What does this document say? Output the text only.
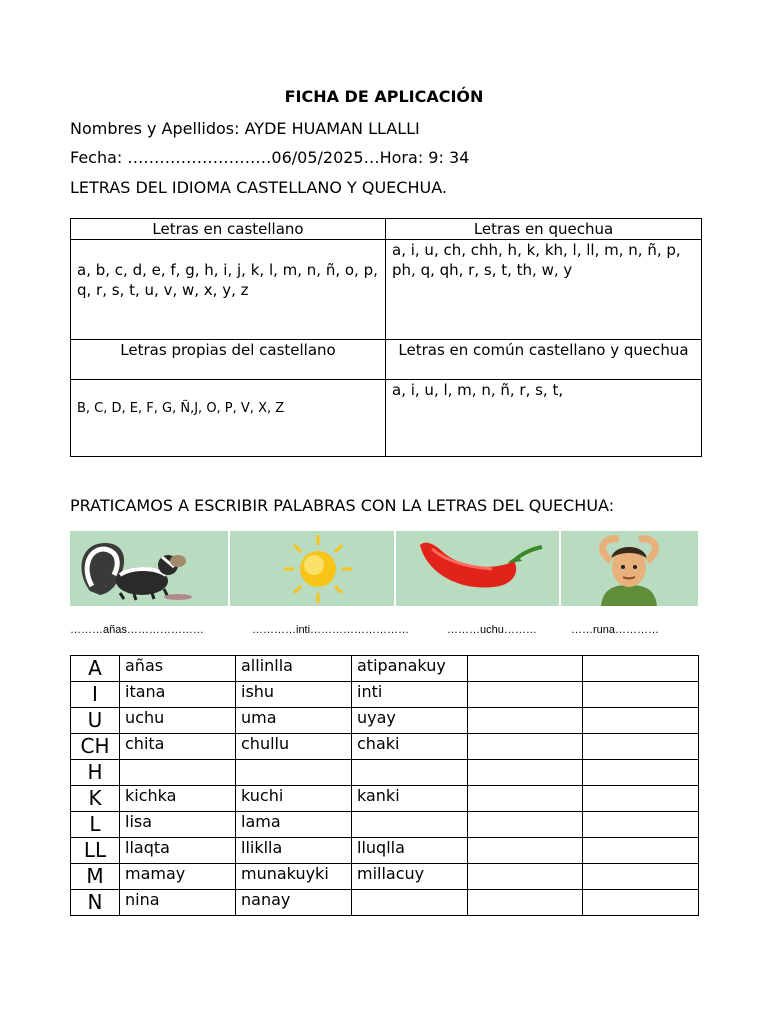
FICHA DE APLICACIÓN
Nombres y Apellidos: AYDE HUAMAN LLALLI
Fecha: ………………………06/05/2025…Hora: 9: 34
LETRAS DEL IDIOMA CASTELLANO Y QUECHUA.
Letras en castellano	Letras en quechua

a, b, c, d, e, f, g, h, i, j, k, l, m, n, ñ, o, p, q, r, s, t, u, v, w, x, y, z	a, i, u, ch, chh, h, k, kh, l, ll, m, n, ñ, p, ph, q, qh, r, s, t, th, w, y
Letras propias del castellano	Letras en común castellano y quechua

B, C, D, E, F, G, Ñ,J, O, P, V, X, Z	a, i, u, l, m, n, ñ, r, s, t,
PRATICAMOS A ESCRIBIR PALABRAS CON LA LETRAS DEL QUECHUA:
………añas…………………	…………inti………………………	………uchu………	……runa…………
A	añas	allinlla	atipanakuy		
I	itana	ishu	inti		
U	uchu	uma	uyay		
CH	chita	chullu	chaki		
H					
K	kichka	kuchi	kanki		
L	lisa	lama			
LL	llaqta	lliklla	lluqlla		
M	mamay	munakuyki	millacuy		
N	nina	nanay			
